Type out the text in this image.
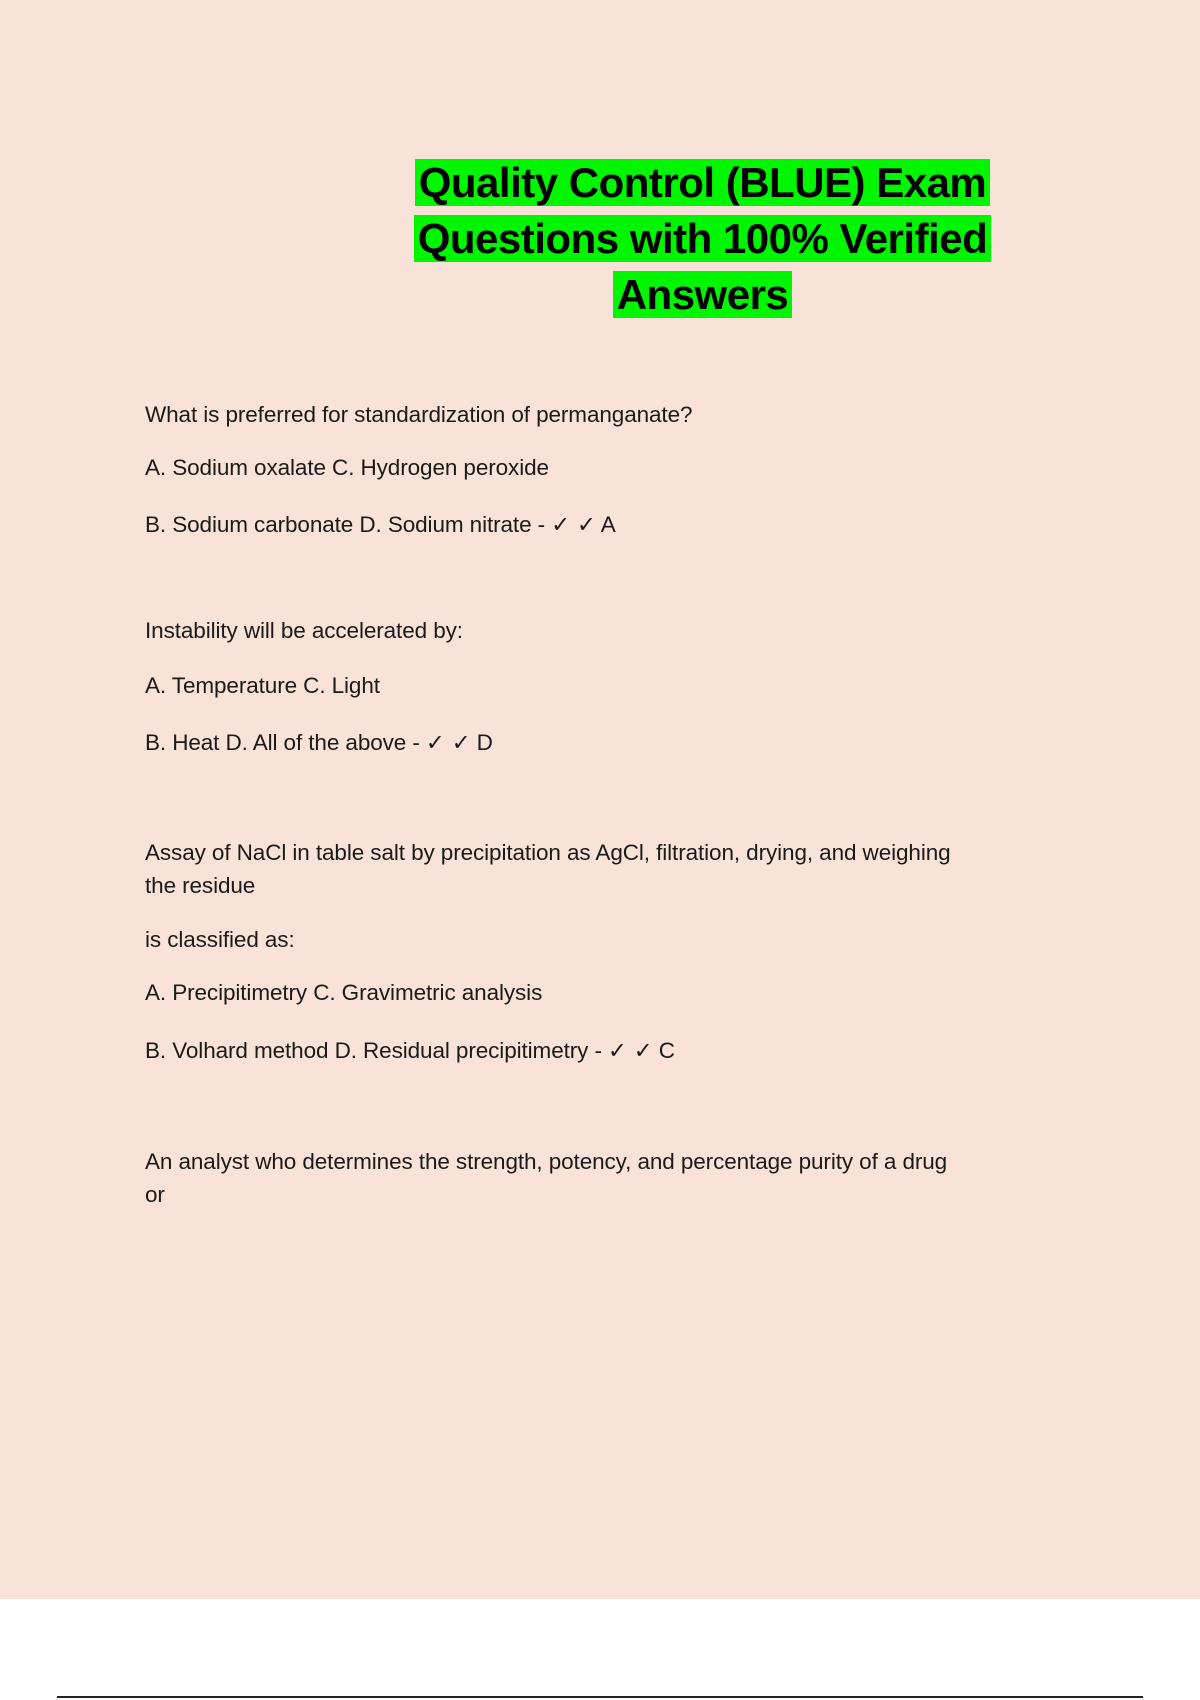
Quality Control (BLUE) Exam
Questions with 100% Verified
Answers
What is preferred for standardization of permanganate?
A. Sodium oxalate C. Hydrogen peroxide
B. Sodium carbonate D. Sodium nitrate - ✓ ✓ A
Instability will be accelerated by:
A. Temperature C. Light
B. Heat D. All of the above - ✓ ✓ D
Assay of NaCl in table salt by precipitation as AgCl, filtration, drying, and weighing
the residue
is classified as:
A. Precipitimetry C. Gravimetric analysis
B. Volhard method D. Residual precipitimetry - ✓ ✓ C
An analyst who determines the strength, potency, and percentage purity of a drug
or
